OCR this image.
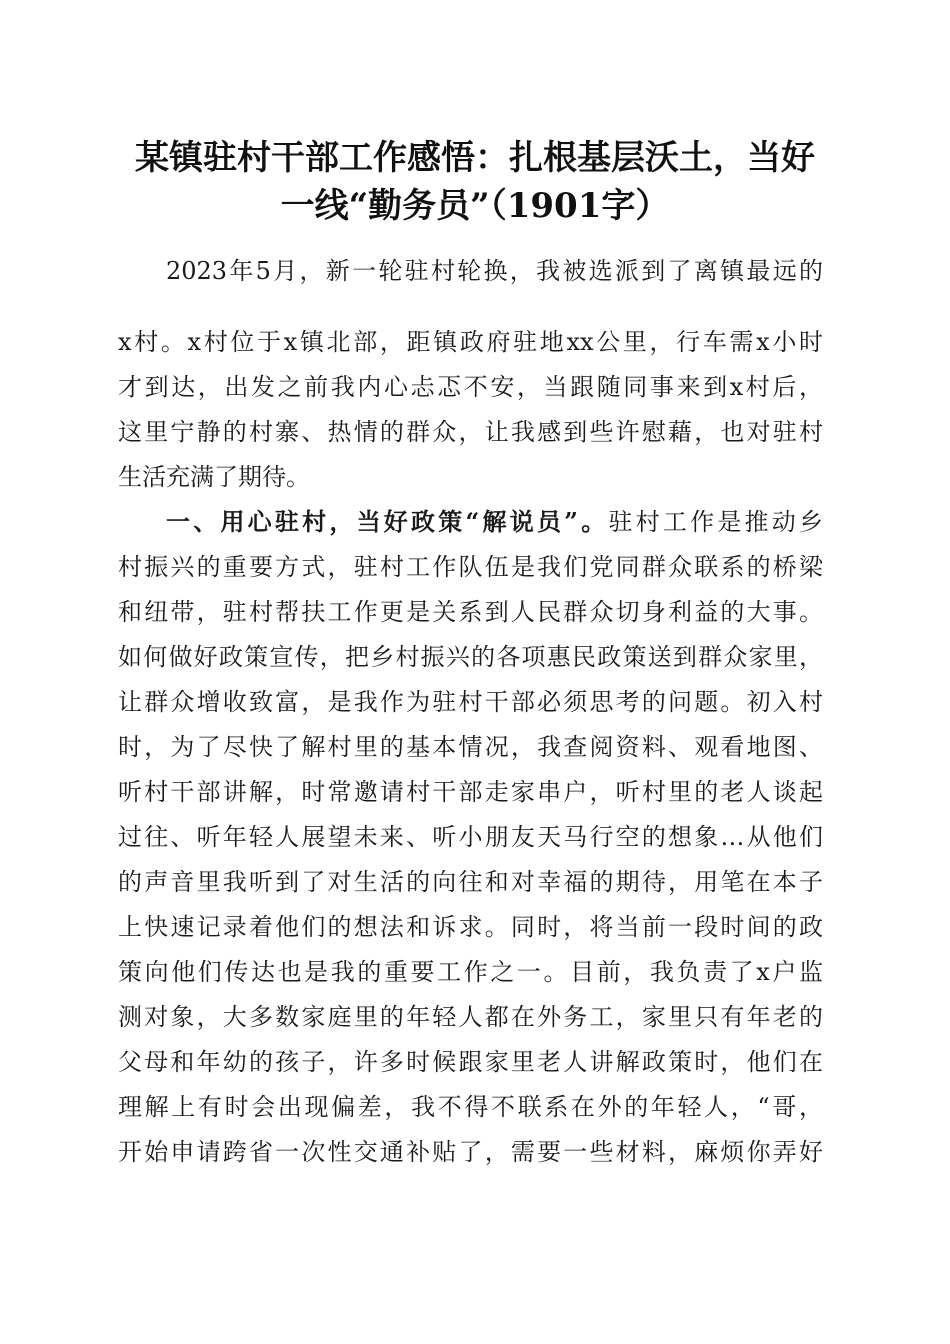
某镇驻村干部工作感悟：扎根基层沃土，当好
一线“勤务员”（1901字）
2023年5月，新一轮驻村轮换，我被选派到了离镇最远的
x村。x村位于x镇北部，距镇政府驻地xx公里，行车需x小时
才到达，出发之前我内心忐忑不安，当跟随同事来到x村后，
这里宁静的村寨、热情的群众，让我感到些许慰藉，也对驻村
生活充满了期待。
一、用心驻村，当好政策“解说员”。驻村工作是推动乡
村振兴的重要方式，驻村工作队伍是我们党同群众联系的桥梁
和纽带，驻村帮扶工作更是关系到人民群众切身利益的大事。
如何做好政策宣传，把乡村振兴的各项惠民政策送到群众家里，
让群众增收致富，是我作为驻村干部必须思考的问题。初入村
时，为了尽快了解村里的基本情况，我查阅资料、观看地图、
听村干部讲解，时常邀请村干部走家串户，听村里的老人谈起
过往、听年轻人展望未来、听小朋友天马行空的想象…从他们
的声音里我听到了对生活的向往和对幸福的期待，用笔在本子
上快速记录着他们的想法和诉求。同时，将当前一段时间的政
策向他们传达也是我的重要工作之一。目前，我负责了x户监
测对象，大多数家庭里的年轻人都在外务工，家里只有年老的
父母和年幼的孩子，许多时候跟家里老人讲解政策时，他们在
理解上有时会出现偏差，我不得不联系在外的年轻人，“哥，
开始申请跨省一次性交通补贴了，需要一些材料，麻烦你弄好
